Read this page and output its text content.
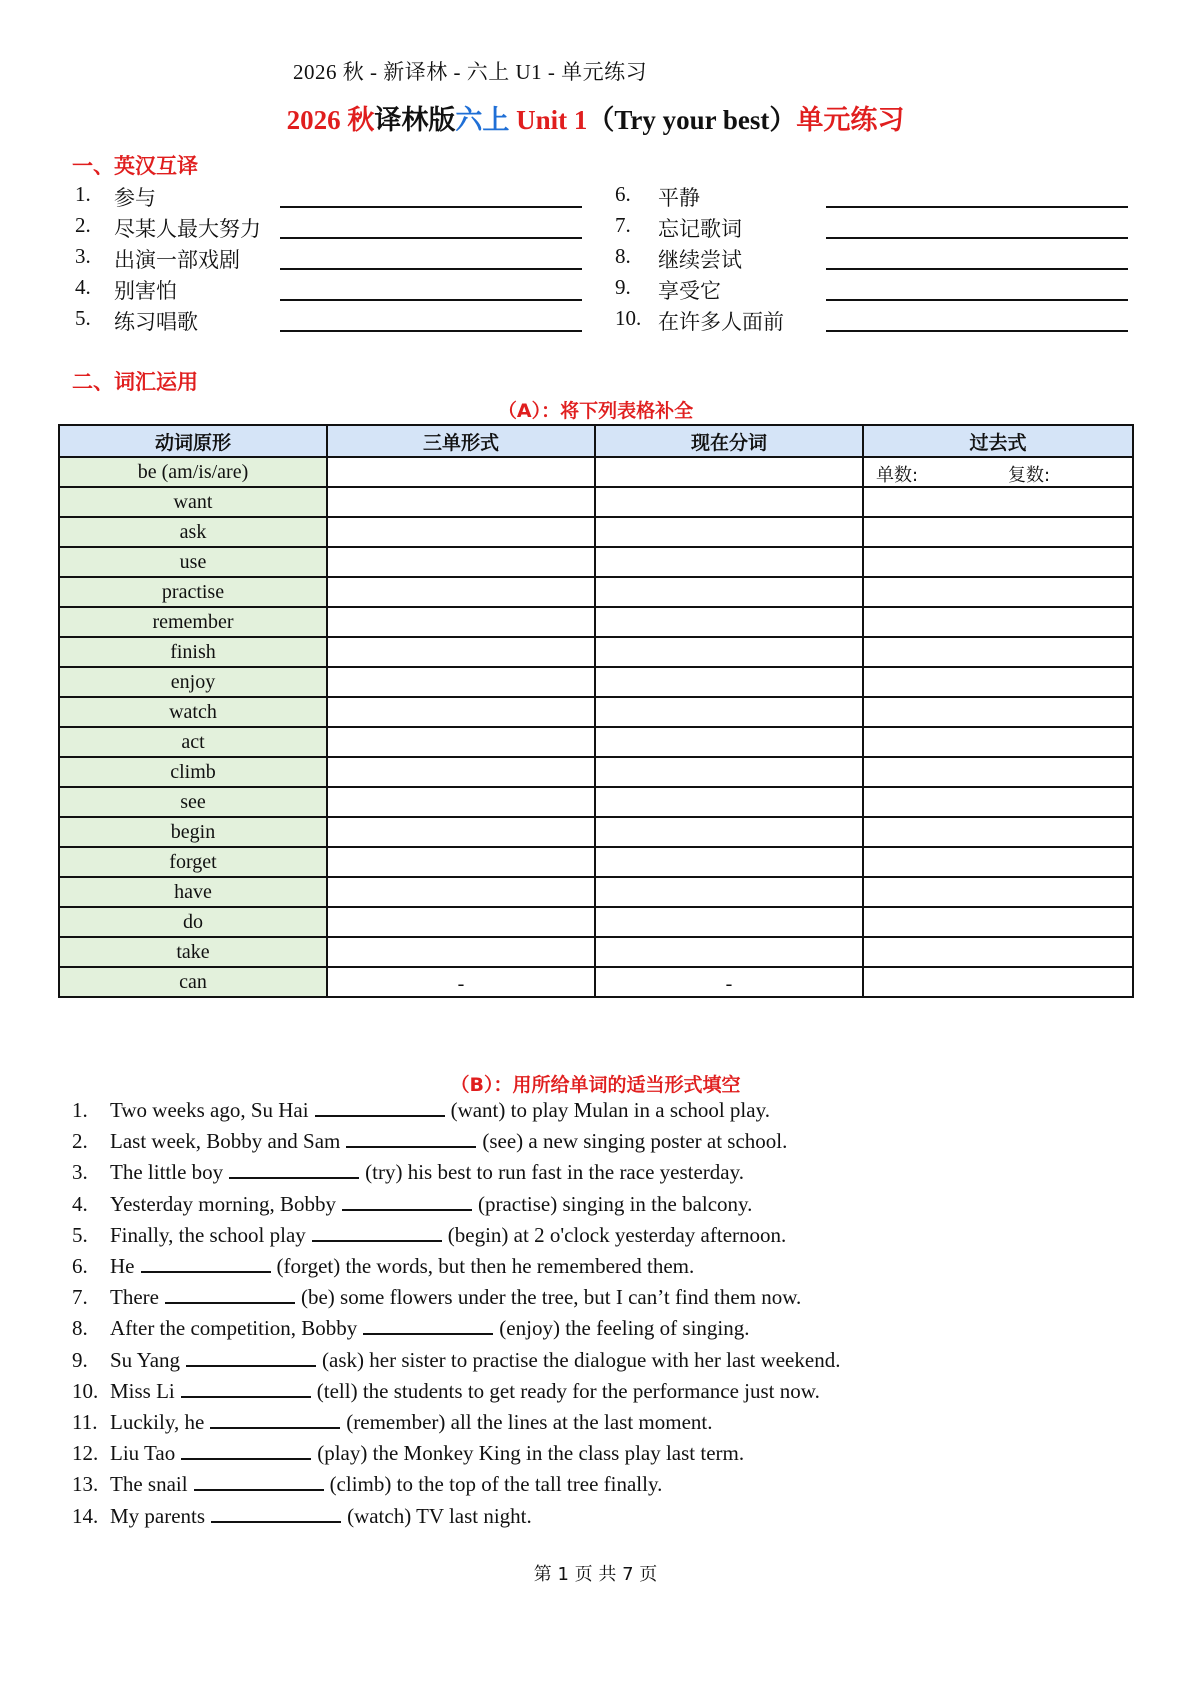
2026 秋 - 新译林 - 六上 U1 - 单元练习
2026 秋译林版六上 Unit 1（Try your best）单元练习
一、英汉互译
1.	参与
2.	尽某人最大努力
3.	出演一部戏剧
4.	别害怕
5.	练习唱歌
6.	平静
7.	忘记歌词
8.	继续尝试
9.	享受它
10. 在许多人面前
二、词汇运用
（A）：将下列表格补全
动词原形	三单形式	现在分词	过去式
be (am/is/are)			单数: 复数:

want			
ask			
use			
practise			
remember			
finish			
enjoy			
watch			
act			
climb			
see			
begin			
forget			
have			
do			
take			
can	-	-	
（B）：用所给单词的适当形式填空
1. Two weeks ago, Su Hai	(want) to play Mulan in a school play.
2. Last week, Bobby and Sam	(see) a new singing poster at school.
3. The little boy	(try) his best to run fast in the race yesterday.
4. Yesterday morning, Bobby	(practise) singing in the balcony.
5. Finally, the school play	(begin) at 2 o'clock yesterday afternoon.
6. He	(forget) the words, but then he remembered them.
7. There	(be) some flowers under the tree, but I can’t find them now.
8. After the competition, Bobby	(enjoy) the feeling of singing.
9. Su Yang	(ask) her sister to practise the dialogue with her last weekend.
10. Miss Li	(tell) the students to get ready for the performance just now.
11. Luckily, he	(remember) all the lines at the last moment.
12. Liu Tao	(play) the Monkey King in the class play last term.
13. The snail	(climb) to the top of the tall tree finally.
14. My parents	(watch) TV last night.
第 1 页 共 7 页
